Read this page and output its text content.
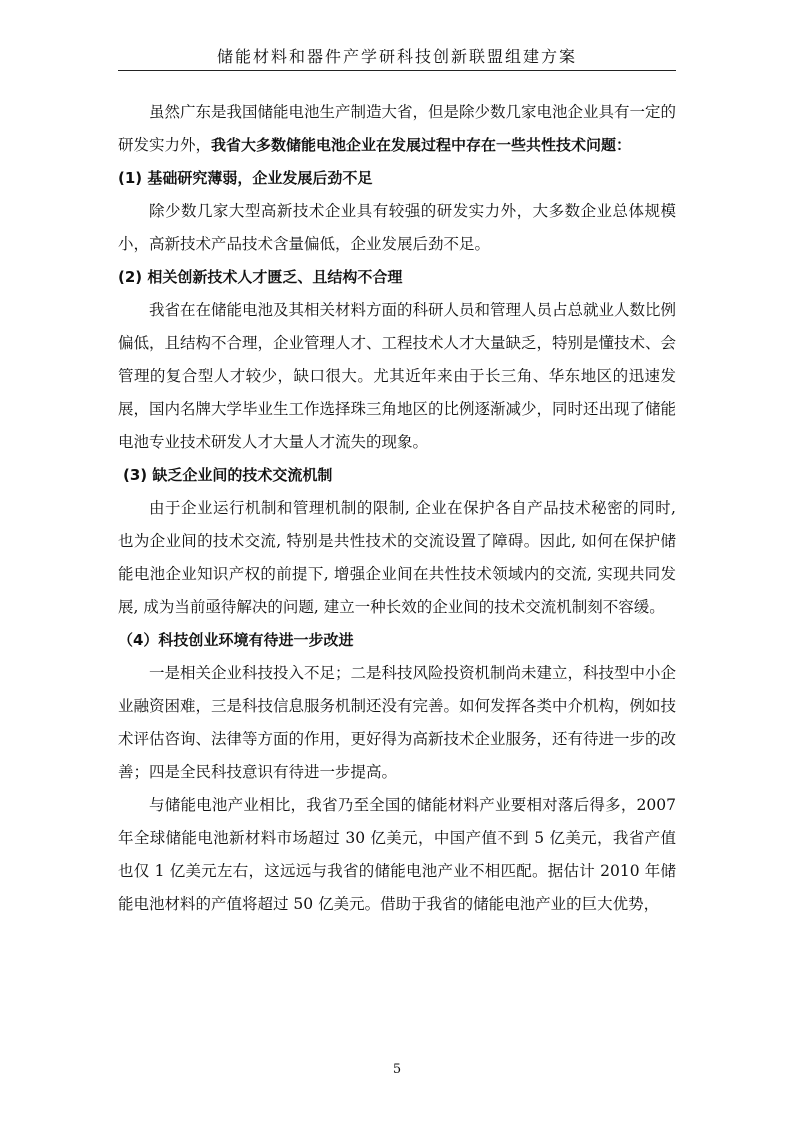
储能材料和器件产学研科技创新联盟组建方案

虽然广东是我国储能电池生产制造大省，但是除少数几家电池企业具有一定的研发实力外，我省大多数储能电池企业在发展过程中存在一些共性技术问题：

(1) 基础研究薄弱，企业发展后劲不足

除少数几家大型高新技术企业具有较强的研发实力外，大多数企业总体规模小，高新技术产品技术含量偏低，企业发展后劲不足。

(2) 相关创新技术人才匮乏、且结构不合理

我省在在储能电池及其相关材料方面的科研人员和管理人员占总就业人数比例偏低，且结构不合理，企业管理人才、工程技术人才大量缺乏，特别是懂技术、会管理的复合型人才较少，缺口很大。尤其近年来由于长三角、华东地区的迅速发展，国内名牌大学毕业生工作选择珠三角地区的比例逐渐减少，同时还出现了储能电池专业技术研发人才大量人才流失的现象。

(3) 缺乏企业间的技术交流机制

由于企业运行机制和管理机制的限制, 企业在保护各自产品技术秘密的同时, 也为企业间的技术交流, 特别是共性技术的交流设置了障碍。因此, 如何在保护储能电池企业知识产权的前提下, 增强企业间在共性技术领域内的交流, 实现共同发展, 成为当前亟待解决的问题, 建立一种长效的企业间的技术交流机制刻不容缓。

（4）科技创业环境有待进一步改进

一是相关企业科技投入不足；二是科技风险投资机制尚未建立，科技型中小企业融资困难，三是科技信息服务机制还没有完善。如何发挥各类中介机构，例如技术评估咨询、法律等方面的作用，更好得为高新技术企业服务，还有待进一步的改善；四是全民科技意识有待进一步提高。

与储能电池产业相比，我省乃至全国的储能材料产业要相对落后得多，2007年全球储能电池新材料市场超过 30 亿美元，中国产值不到 5 亿美元，我省产值也仅 1 亿美元左右，这远远与我省的储能电池产业不相匹配。据估计 2010 年储能电池材料的产值将超过 50 亿美元。借助于我省的储能电池产业的巨大优势，

5
